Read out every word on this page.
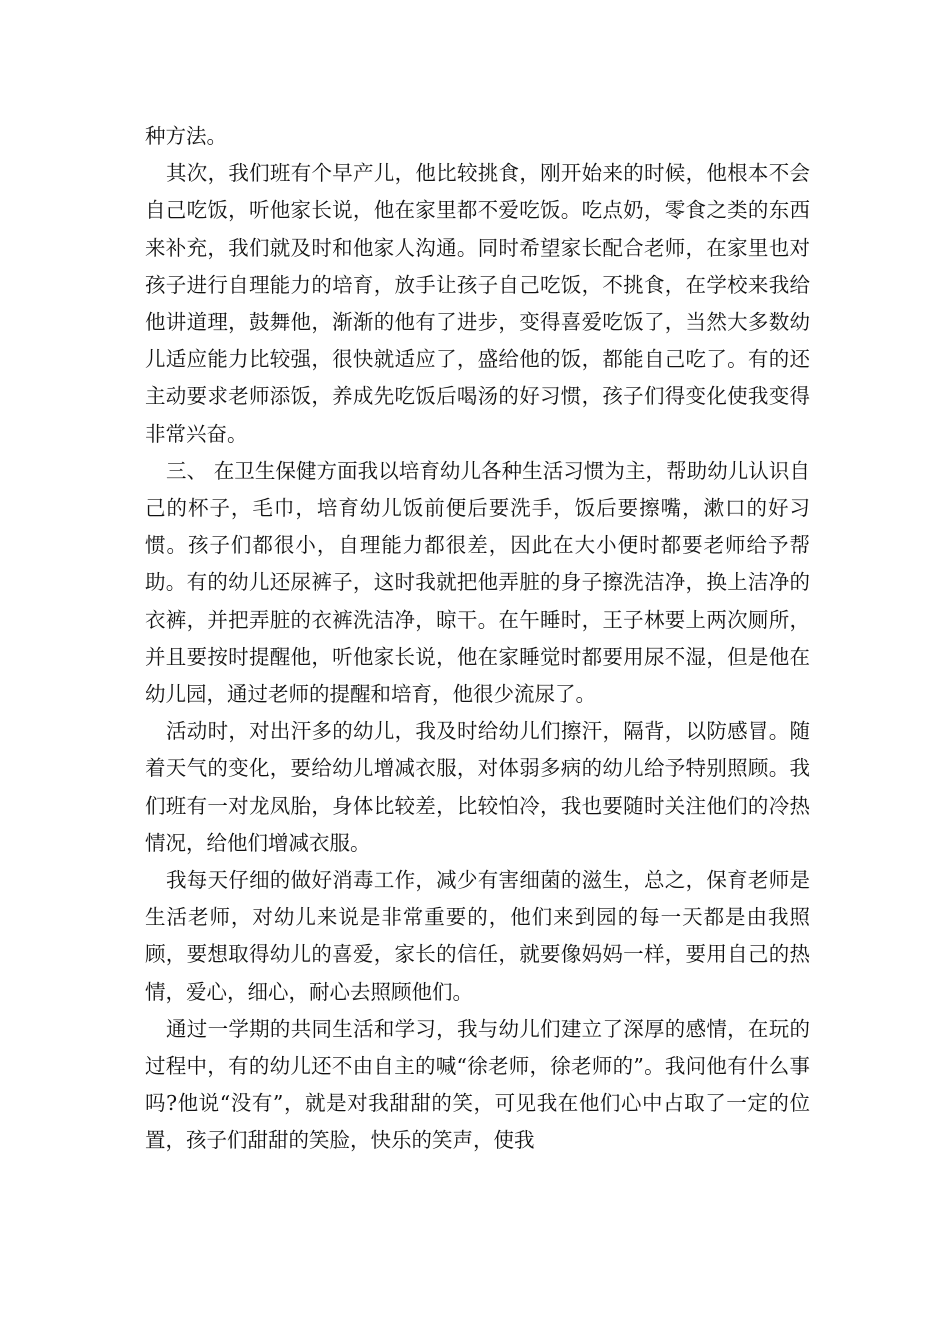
种方法。

其次，我们班有个早产儿，他比较挑食，刚开始来的时候，他根本不会自己吃饭，听他家长说，他在家里都不爱吃饭。吃点奶，零食之类的东西来补充，我们就及时和他家人沟通。同时希望家长配合老师，在家里也对孩子进行自理能力的培育，放手让孩子自己吃饭，不挑食，在学校来我给他讲道理，鼓舞他，渐渐的他有了进步，变得喜爱吃饭了，当然大多数幼儿适应能力比较强，很快就适应了，盛给他的饭，都能自己吃了。有的还主动要求老师添饭，养成先吃饭后喝汤的好习惯，孩子们得变化使我变得非常兴奋。

三、 在卫生保健方面我以培育幼儿各种生活习惯为主，帮助幼儿认识自己的杯子，毛巾，培育幼儿饭前便后要洗手，饭后要擦嘴，漱口的好习惯。孩子们都很小，自理能力都很差，因此在大小便时都要老师给予帮助。有的幼儿还尿裤子，这时我就把他弄脏的身子擦洗洁净，换上洁净的衣裤，并把弄脏的衣裤洗洁净，晾干。在午睡时，王子林要上两次厕所，并且要按时提醒他，听他家长说，他在家睡觉时都要用尿不湿，但是他在幼儿园，通过老师的提醒和培育，他很少流尿了。

活动时，对出汗多的幼儿，我及时给幼儿们擦汗，隔背，以防感冒。随着天气的变化，要给幼儿增减衣服，对体弱多病的幼儿给予特别照顾。我们班有一对龙凤胎，身体比较差，比较怕冷，我也要随时关注他们的冷热情况，给他们增减衣服。

我每天仔细的做好消毒工作，减少有害细菌的滋生，总之，保育老师是生活老师，对幼儿来说是非常重要的，他们来到园的每一天都是由我照顾，要想取得幼儿的喜爱，家长的信任，就要像妈妈一样，要用自己的热情，爱心，细心，耐心去照顾他们。

通过一学期的共同生活和学习，我与幼儿们建立了深厚的感情，在玩的过程中，有的幼儿还不由自主的喊“徐老师，徐老师的”。我问他有什么事吗?他说“没有”，就是对我甜甜的笑，可见我在他们心中占取了一定的位置，孩子们甜甜的笑脸，快乐的笑声，使我
